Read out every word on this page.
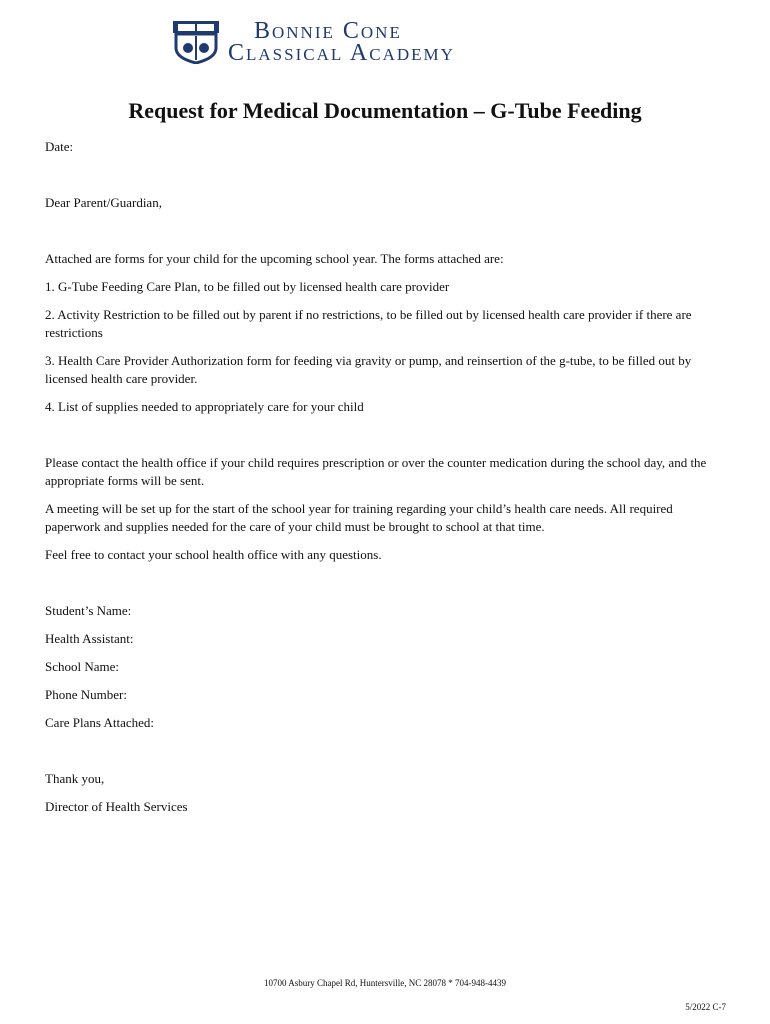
Bonnie Cone
Classical Academy
Request for Medical Documentation – G-Tube Feeding

Date:

Dear Parent/Guardian,

Attached are forms for your child for the upcoming school year. The forms attached are:

1. G-Tube Feeding Care Plan, to be filled out by licensed health care provider

2. Activity Restriction to be filled out by parent if no restrictions, to be filled out by licensed health care provider if there are restrictions

3. Health Care Provider Authorization form for feeding via gravity or pump, and reinsertion of the g-tube, to be filled out by licensed health care provider.

4. List of supplies needed to appropriately care for your child

Please contact the health office if your child requires prescription or over the counter medication during the school day, and the appropriate forms will be sent.

A meeting will be set up for the start of the school year for training regarding your child’s health care needs. All required paperwork and supplies needed for the care of your child must be brought to school at that time.

Feel free to contact your school health office with any questions.

Student’s Name:

Health Assistant:

School Name:

Phone Number:

Care Plans Attached:

Thank you,

Director of Health Services

10700 Asbury Chapel Rd, Huntersville, NC 28078 * 704-948-4439
5/2022 C-7
